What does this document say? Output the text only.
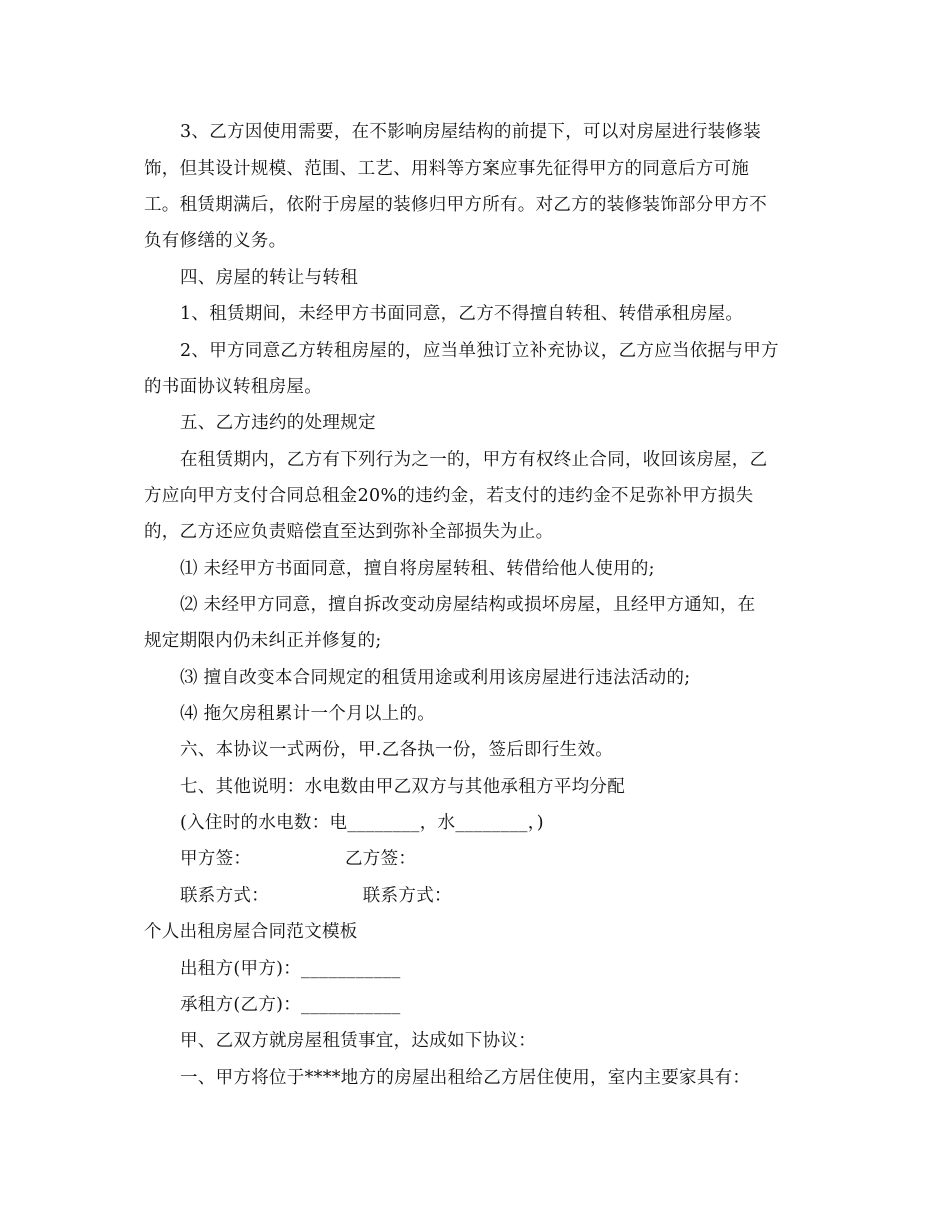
3、乙方因使用需要，在不影响房屋结构的前提下，可以对房屋进行装修装
饰，但其设计规模、范围、工艺、用料等方案应事先征得甲方的同意后方可施
工。租赁期满后，依附于房屋的装修归甲方所有。对乙方的装修装饰部分甲方不
负有修缮的义务。
四、房屋的转让与转租
1、租赁期间，未经甲方书面同意，乙方不得擅自转租、转借承租房屋。
2、甲方同意乙方转租房屋的，应当单独订立补充协议，乙方应当依据与甲方
的书面协议转租房屋。
五、乙方违约的处理规定
在租赁期内，乙方有下列行为之一的，甲方有权终止合同，收回该房屋，乙
方应向甲方支付合同总租金20%的违约金，若支付的违约金不足弥补甲方损失
的，乙方还应负责赔偿直至达到弥补全部损失为止。
⑴ 未经甲方书面同意，擅自将房屋转租、转借给他人使用的;
⑵ 未经甲方同意，擅自拆改变动房屋结构或损坏房屋，且经甲方通知，在
规定期限内仍未纠正并修复的;
⑶ 擅自改变本合同规定的租赁用途或利用该房屋进行违法活动的;
⑷ 拖欠房租累计一个月以上的。
六、本协议一式两份，甲.乙各执一份，签后即行生效。
七、其他说明：水电数由甲乙双方与其他承租方平均分配
(入住时的水电数：电________，水________，)
甲方签：                乙方签：
联系方式：                联系方式：
个人出租房屋合同范文模板
出租方(甲方)：___________
承租方(乙方)：___________
甲、乙双方就房屋租赁事宜，达成如下协议：
一、甲方将位于****地方的房屋出租给乙方居住使用，室内主要家具有：
